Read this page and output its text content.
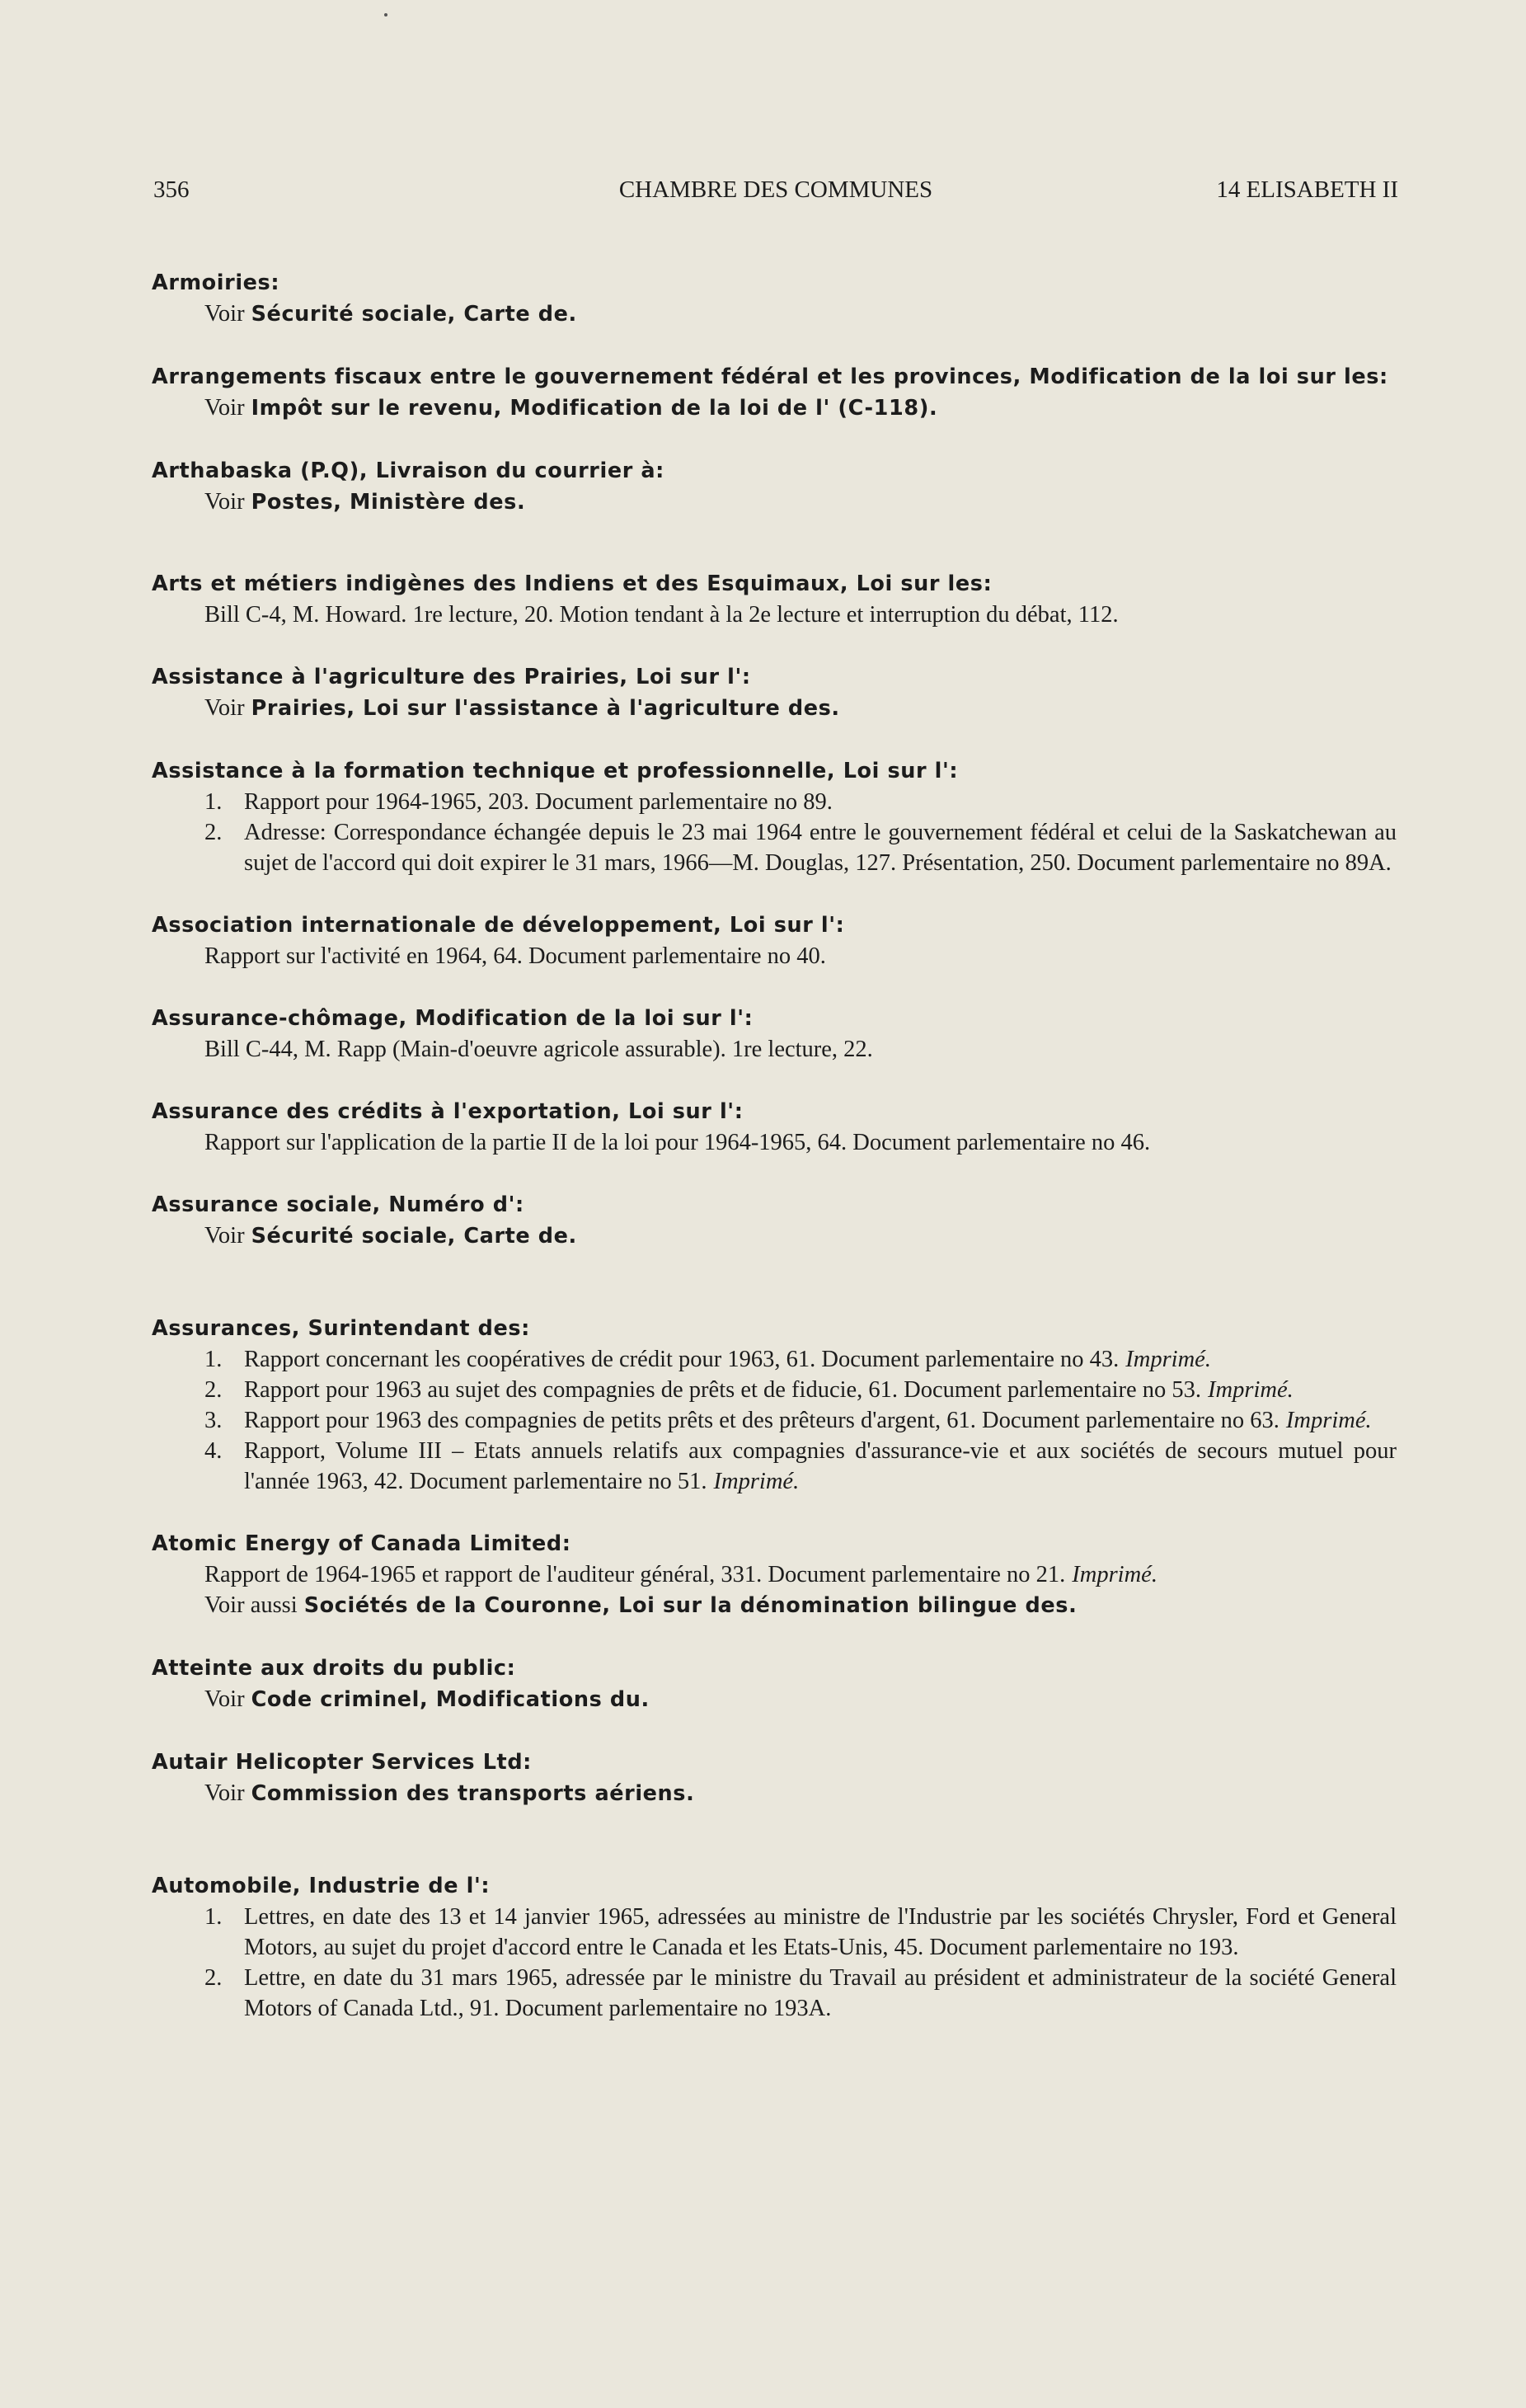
356	CHAMBRE DES COMMUNES	14 ELISABETH II

Armoiries:

Voir Sécurité sociale, Carte de.

Arrangements fiscaux entre le gouvernement fédéral et les provinces, Modification de la loi sur les:

Voir Impôt sur le revenu, Modification de la loi de l' (C-118).

Arthabaska (P.Q), Livraison du courrier à:

Voir Postes, Ministère des.

Arts et métiers indigènes des Indiens et des Esquimaux, Loi sur les:

Bill C-4, M. Howard. 1re lecture, 20. Motion tendant à la 2e lecture et interruption du débat, 112.

Assistance à l'agriculture des Prairies, Loi sur l':

Voir Prairies, Loi sur l'assistance à l'agriculture des.

Assistance à la formation technique et professionnelle, Loi sur l':

1. Rapport pour 1964-1965, 203. Document parlementaire no 89.
2. Adresse: Correspondance échangée depuis le 23 mai 1964 entre le gouvernement fédéral et celui de la Saskatchewan au sujet de l'accord qui doit expirer le 31 mars, 1966—M. Douglas, 127. Présentation, 250. Document parlementaire no 89A.

Association internationale de développement, Loi sur l':

Rapport sur l'activité en 1964, 64. Document parlementaire no 40.

Assurance-chômage, Modification de la loi sur l':

Bill C-44, M. Rapp (Main-d'oeuvre agricole assurable). 1re lecture, 22.

Assurance des crédits à l'exportation, Loi sur l':

Rapport sur l'application de la partie II de la loi pour 1964-1965, 64. Document parlementaire no 46.

Assurance sociale, Numéro d':

Voir Sécurité sociale, Carte de.

Assurances, Surintendant des:

1. Rapport concernant les coopératives de crédit pour 1963, 61. Document parlementaire no 43. Imprimé.
2. Rapport pour 1963 au sujet des compagnies de prêts et de fiducie, 61. Document parlementaire no 53. Imprimé.
3. Rapport pour 1963 des compagnies de petits prêts et des prêteurs d'argent, 61. Document parlementaire no 63. Imprimé.
4. Rapport, Volume III – Etats annuels relatifs aux compagnies d'assurance-vie et aux sociétés de secours mutuel pour l'année 1963, 42. Document parlementaire no 51. Imprimé.

Atomic Energy of Canada Limited:

Rapport de 1964-1965 et rapport de l'auditeur général, 331. Document parlementaire no 21. Imprimé.

Voir aussi Sociétés de la Couronne, Loi sur la dénomination bilingue des.

Atteinte aux droits du public:

Voir Code criminel, Modifications du.

Autair Helicopter Services Ltd:

Voir Commission des transports aériens.

Automobile, Industrie de l':

1. Lettres, en date des 13 et 14 janvier 1965, adressées au ministre de l'Industrie par les sociétés Chrysler, Ford et General Motors, au sujet du projet d'accord entre le Canada et les Etats-Unis, 45. Document parlementaire no 193.
2. Lettre, en date du 31 mars 1965, adressée par le ministre du Travail au président et administrateur de la société General Motors of Canada Ltd., 91. Document parlementaire no 193A.
